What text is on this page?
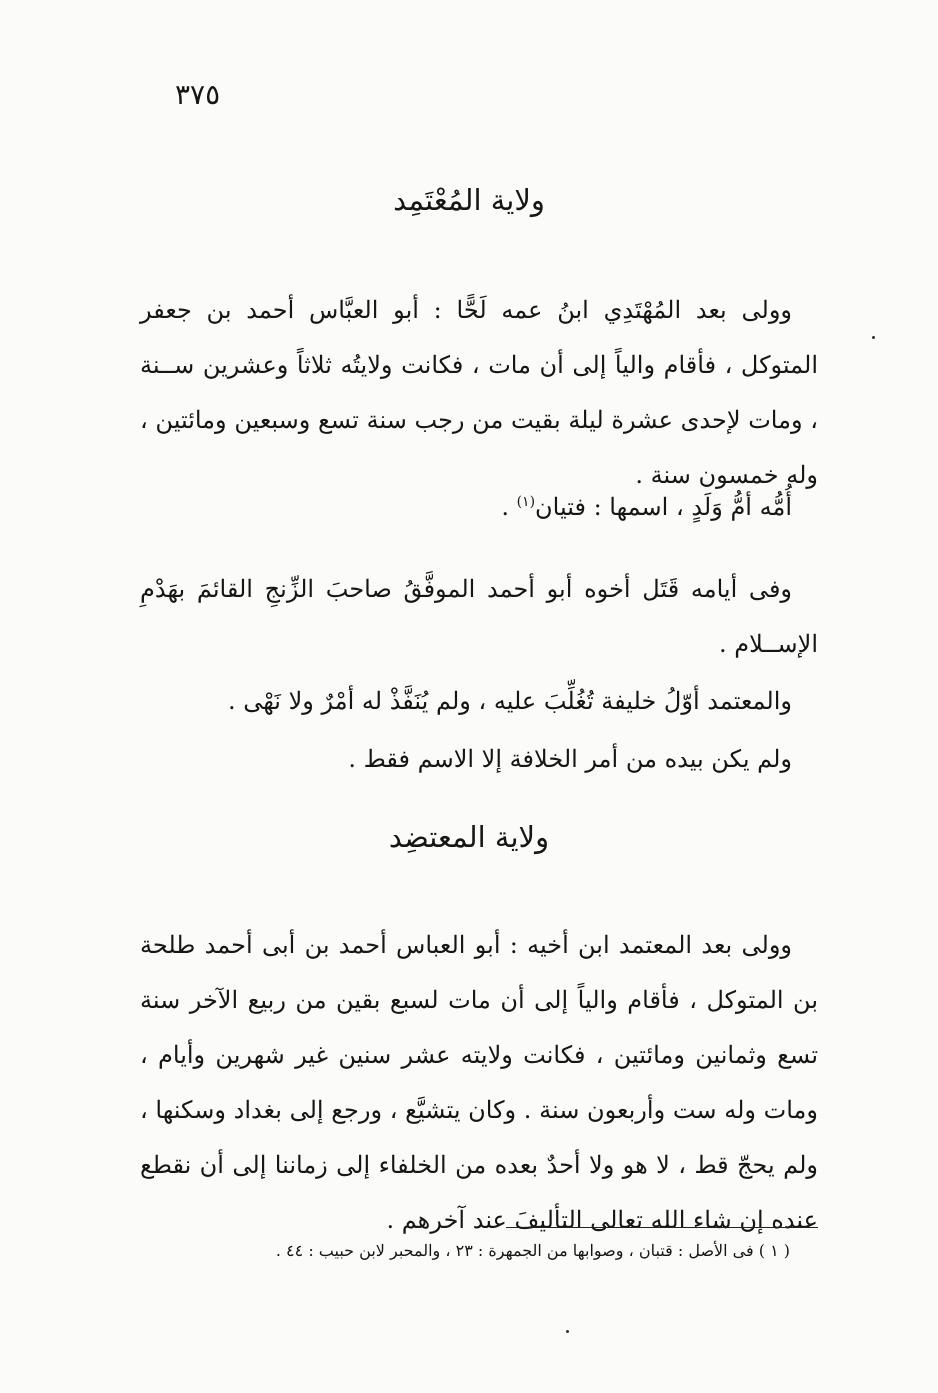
٣٧٥
ولاية المُعْتَمِد

وولى بعد المُهْتَدِي ابنُ عمه لَحًّا : أبو العبَّاس أحمد بن جعفر المتوكل ، فأقام والياً إلى أن مات ، فكانت ولايتُه ثلاثاً وعشرين ســنة ، ومات لإحدى عشرة ليلة بقيت من رجب سنة تسع وسبعين ومائتين ، وله خمسون سنة .

أُمُّه أمُّ وَلَدٍ ، اسمها : فتيان$^{(١)}$ .

وفى أيامه قَتَل أخوه أبو أحمد الموفَّقُ صاحبَ الزِّنجِ القائمَ بهَدْمِ الإســلام .

والمعتمد أوّلُ خليفة تُغُلِّبَ عليه ، ولم يُنَفَّذْ له أمْرٌ ولا نَهْى .

ولم يكن بيده من أمر الخلافة إلا الاسم فقط .

ولاية المعتضِد

وولى بعد المعتمد ابن أخيه : أبو العباس أحمد بن أبى أحمد طلحة بن المتوكل ، فأقام والياً إلى أن مات لسبع بقين من ربيع الآخر سنة تسع وثمانين ومائتين ، فكانت ولايته عشر سنين غير شهرين وأيام ، ومات وله ست وأربعون سنة . وكان يتشيَّع ، ورجع إلى بغداد وسكنها ، ولم يحجّ قط ، لا هو ولا أحدٌ بعده من الخلفاء إلى زماننا إلى أن نقطع عنده إن شاء الله تعالى التأليفَ عند آخرهم .

( ١ ) فى الأصل : قتبان ، وصوابها من الجمهرة : ٢٣ ، والمحبر لابن حبيب : ٤٤ .
